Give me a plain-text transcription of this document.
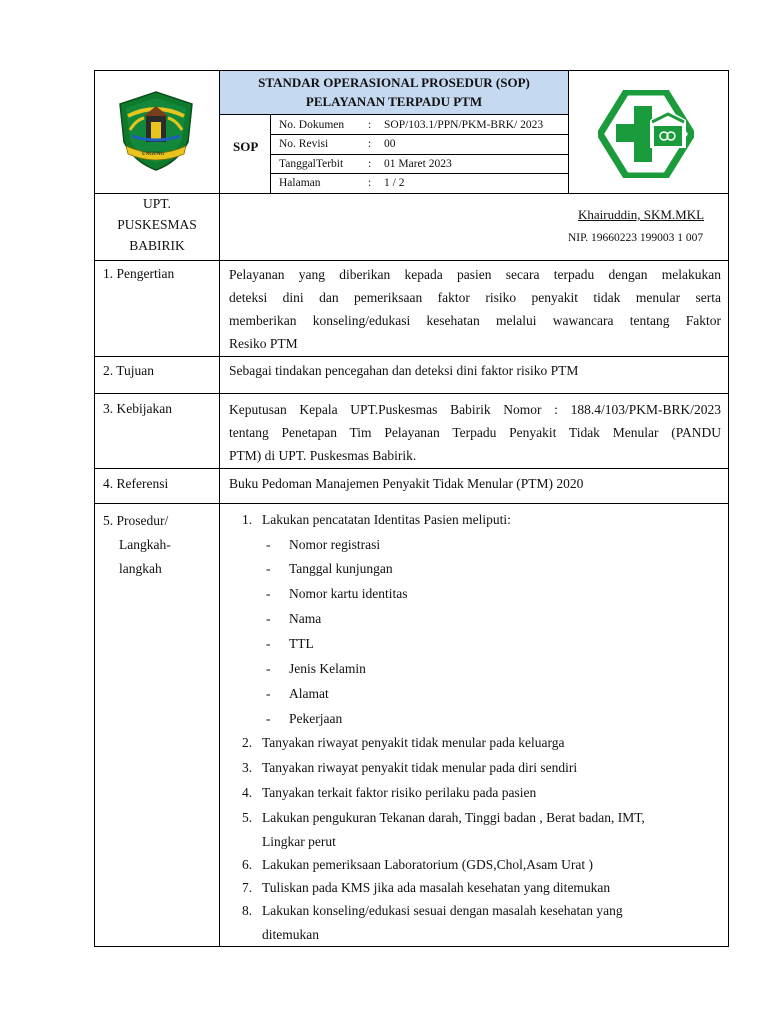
UNGUNG
STANDAR OPERASIONAL PROSEDUR (SOP)
PELAYANAN TERPADU PTM
SOP
No. Dokumen : SOP/103.1/PPN/PKM-BRK/ 2023
No. Revisi	: 00
TanggalTerbit : 01 Maret 2023
Halaman	: 1 / 2
UPT.
PUSKESMAS
BABIRIK
Khairuddin, SKM.MKL
NIP. 19660223 199003 1 007
1. Pengertian	Pelayanan yang diberikan kepada pasien secara terpadu dengan melakukan
deteksi dini dan pemeriksaan faktor risiko penyakit tidak menular serta
memberikan konseling/edukasi kesehatan melalui wawancara tentang Faktor
Resiko PTM
2. Tujuan	Sebagai tindakan pencegahan dan deteksi dini faktor risiko PTM
3. Kebijakan	Keputusan Kepala UPT.Puskesmas Babirik Nomor : 188.4/103/PKM-BRK/2023
tentang Penetapan Tim Pelayanan Terpadu Penyakit Tidak Menular (PANDU
PTM) di UPT. Puskesmas Babirik.
4. Referensi	Buku Pedoman Manajemen Penyakit Tidak Menular (PTM) 2020
5. Prosedur/
Langkah-
langkah
1. Lakukan pencatatan Identitas Pasien meliputi:
- Nomor registrasi
- Tanggal kunjungan
- Nomor kartu identitas
- Nama
- TTL
- Jenis Kelamin
- Alamat
- Pekerjaan
2. Tanyakan riwayat penyakit tidak menular pada keluarga
3. Tanyakan riwayat penyakit tidak menular pada diri sendiri
4. Tanyakan terkait faktor risiko perilaku pada pasien
5. Lakukan pengukuran Tekanan darah, Tinggi badan , Berat badan, IMT,
Lingkar perut
6. Lakukan pemeriksaan Laboratorium (GDS,Chol,Asam Urat )
7. Tuliskan pada KMS jika ada masalah kesehatan yang ditemukan
8. Lakukan konseling/edukasi sesuai dengan masalah kesehatan yang
ditemukan
